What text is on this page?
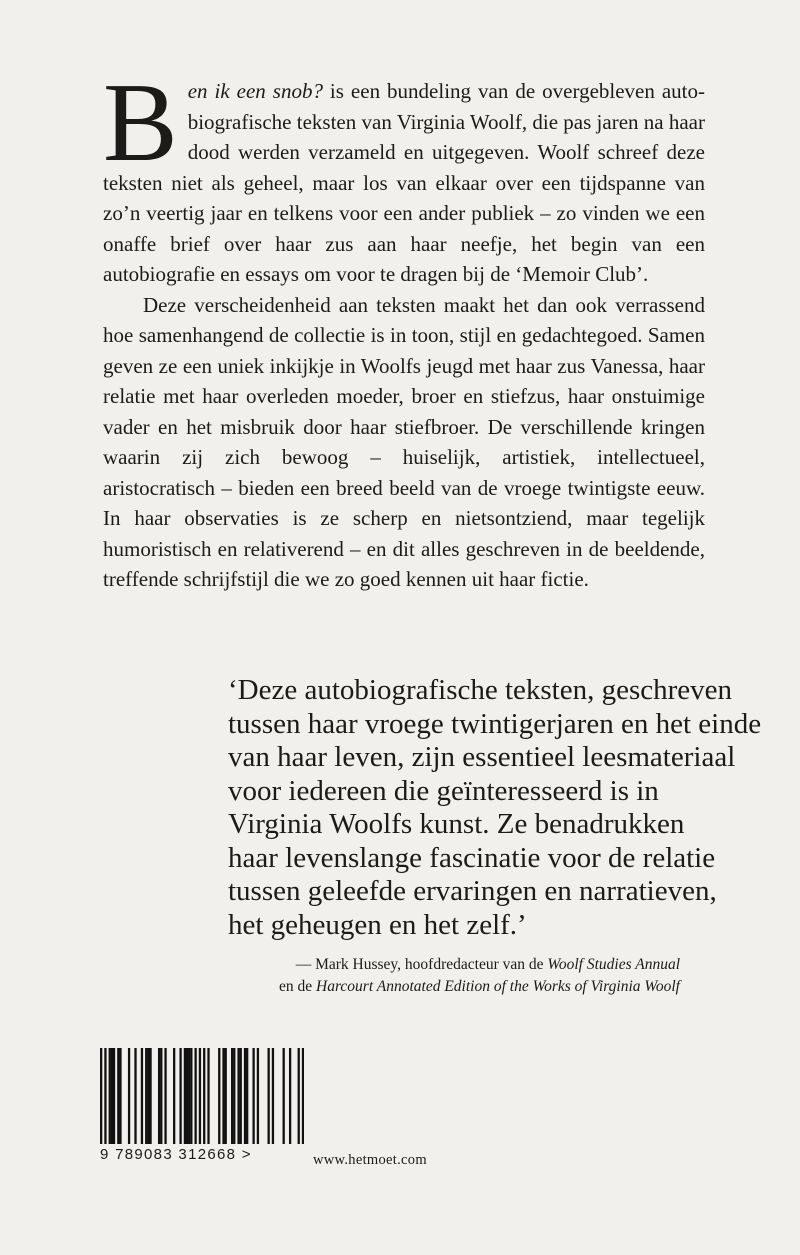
Ben ik een snob? is een bundeling van de overgebleven autobiografische teksten van Virginia Woolf, die pas jaren na haar dood werden verzameld en uitgegeven. Woolf schreef deze teksten niet als geheel, maar los van elkaar over een tijdspanne van zo’n veertig jaar en telkens voor een ander publiek – zo vinden we een onaffe brief over haar zus aan haar neefje, het begin van een autobiografie en essays om voor te dragen bij de ‘Memoir Club’.

Deze verscheidenheid aan teksten maakt het dan ook verrassend hoe samenhangend de collectie is in toon, stijl en gedachtegoed. Samen geven ze een uniek inkijkje in Woolfs jeugd met haar zus Vanessa, haar relatie met haar overleden moeder, broer en stiefzus, haar onstuimige vader en het misbruik door haar stiefbroer. De verschillende kringen waarin zij zich bewoog – huiselijk, artistiek, intellectueel, aristocratisch – bieden een breed beeld van de vroege twintigste eeuw. In haar observaties is ze scherp en nietsontziend, maar tegelijk humoristisch en relativerend – en dit alles geschreven in de beeldende, treffende schrijfstijl die we zo goed kennen uit haar fictie.

‘Deze autobiografische teksten, geschreven
tussen haar vroege twintigerjaren en het einde
van haar leven, zijn essentieel leesmateriaal
voor iedereen die geïnteresseerd is in
Virginia Woolfs kunst. Ze benadrukken
haar levenslange fascinatie voor de relatie
tussen geleefde ervaringen en narratieven,
het geheugen en het zelf.’
— Mark Hussey, hoofdredacteur van de Woolf Studies Annual
en de Harcourt Annotated Edition of the Works of Virginia Woolf
9 789083 312668 >	www.hetmoet.com
